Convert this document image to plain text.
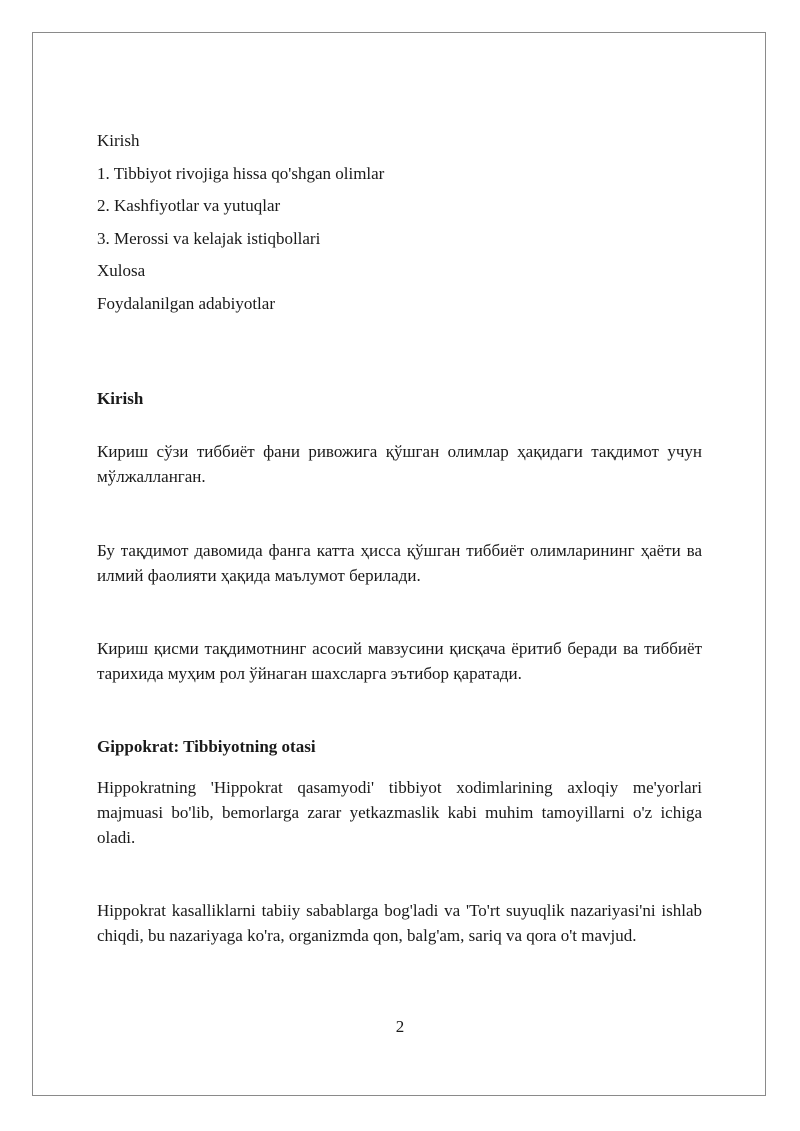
Kirish
1. Tibbiyot rivojiga hissa qo'shgan olimlar
2. Kashfiyotlar va yutuqlar
3. Merossi va kelajak istiqbollari
Xulosa
Foydalanilgan adabiyotlar
Kirish

Кириш сўзи тиббиёт фани ривожига қўшган олимлар ҳақидаги тақдимот учун мўлжалланган.

Бу тақдимот давомида фанга катта ҳисса қўшган тиббиёт олимларининг ҳаёти ва илмий фаолияти ҳақида маълумот берилади.

Кириш қисми тақдимотнинг асосий мавзусини қисқача ёритиб беради ва тиббиёт тарихида муҳим рол ўйнаган шахсларга эътибор қаратади.

Gippokrat: Tibbiyotning otasi

Hippokratning 'Hippokrat qasamyodi' tibbiyot xodimlarining axloqiy me'yorlari majmuasi bo'lib, bemorlarga zarar yetkazmaslik kabi muhim tamoyillarni o'z ichiga oladi.

Hippokrat kasalliklarni tabiiy sabablarga bog'ladi va 'To'rt suyuqlik nazariyasi'ni ishlab chiqdi, bu nazariyaga ko'ra, organizmda qon, balg'am, sariq va qora o't mavjud.

2
